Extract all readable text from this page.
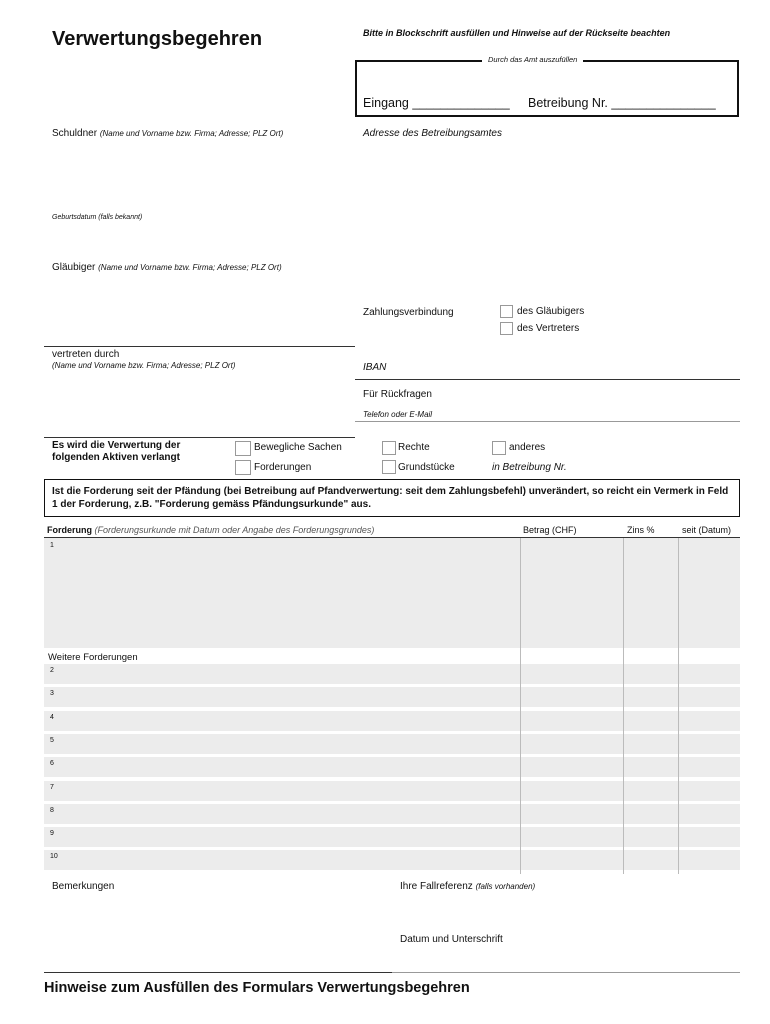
Verwertungsbegehren	Bitte in Blockschrift ausfüllen und Hinweise auf der Rückseite beachten
Durch das Amt auszufüllen
Eingang ______________ Betreibung Nr. _______________
Schuldner (Name und Vorname bzw. Firma; Adresse; PLZ Ort)	Adresse des Betreibungsamtes
Geburtsdatum (falls bekannt)
Gläubiger (Name und Vorname bzw. Firma; Adresse; PLZ Ort)
Zahlungsverbindung	des Gläubigers
des Vertreters
vertreten durch
(Name und Vorname bzw. Firma; Adresse; PLZ Ort)	IBAN
Für Rückfragen
Telefon oder E-Mail
Es wird die Verwertung der
folgenden Aktiven verlangt
Bewegliche Sachen
Forderungen
Rechte
Grundstücke
anderes
in Betreibung Nr.
Ist die Forderung seit der Pfändung (bei Betreibung auf Pfandverwertung: seit dem Zahlungsbefehl) unverändert, so reicht ein Vermerk in Feld 1 der Forderung, z.B. "Forderung gemäss Pfändungsurkunde" aus.
Forderung (Forderungsurkunde mit Datum oder Angabe des Forderungsgrundes)	Betrag (CHF)	Zins %	seit (Datum)
1
Weitere Forderungen
2
3
4
5
6
7
8
9
10
Bemerkungen	Ihre Fallreferenz (falls vorhanden)
Datum und Unterschrift
Hinweise zum Ausfüllen des Formulars Verwertungsbegehren
